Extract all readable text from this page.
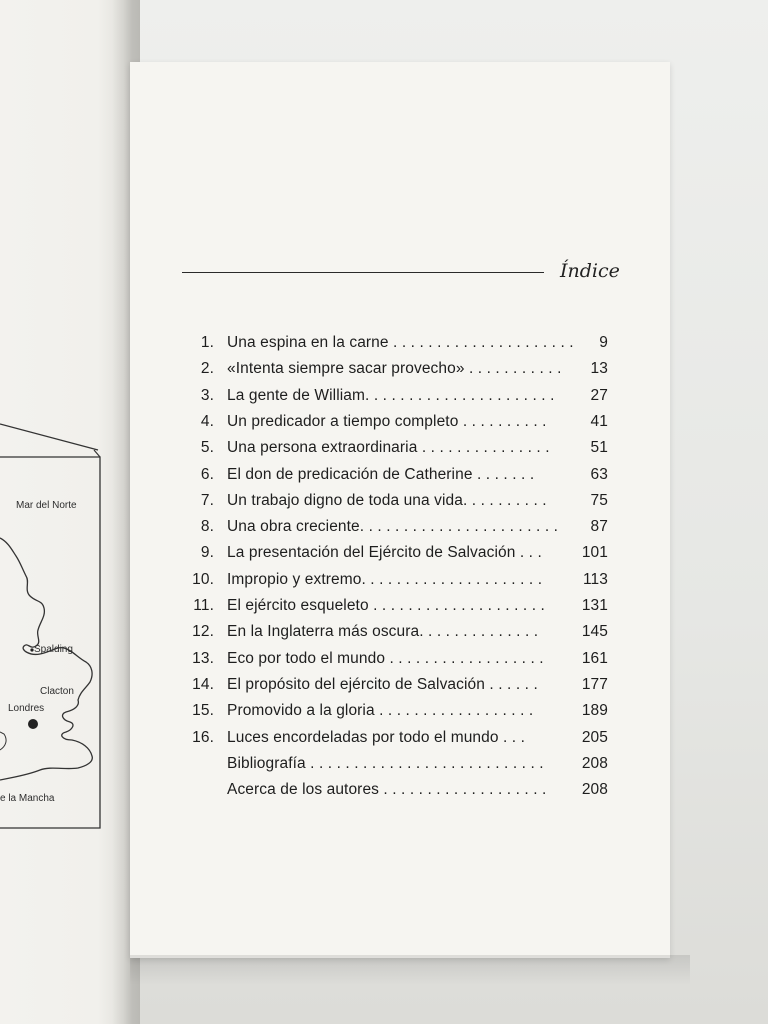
Mar del Norte
Spalding
Clacton
Londres
e la Mancha
Índice
1. Una espina en la carne . . . . . . . . . . . . . . . . . . . . . 9
2. «Intenta siempre sacar provecho» . . . . . . . . . . . 13
3. La gente de William. . . . . . . . . . . . . . . . . . . . . . 27
4. Un predicador a tiempo completo . . . . . . . . . .	41
5. Una persona extraordinaria . . . . . . . . . . . . . . .	51
6. El don de predicación de Catherine . . . . . . .	63
7. Un trabajo digno de toda una vida. . . . . . . . . .	75
8. Una obra creciente. . . . . . . . . . . . . . . . . . . . . . . 87
9. La presentación del Ejército de Salvación . . .	101
10. Impropio y extremo. . . . . . . . . . . . . . . . . . . . .	113
11. El ejército esqueleto . . . . . . . . . . . . . . . . . . . . 131
12. En la Inglaterra más oscura. . . . . . . . . . . . . .	145
13. Eco por todo el mundo . . . . . . . . . . . . . . . . . . 161
14. El propósito del ejército de Salvación . . . . . .	177
15. Promovido a la gloria . . . . . . . . . . . . . . . . . .	189
16. Luces encordeladas por todo el mundo . . .	205
Bibliografía . . . . . . . . . . . . . . . . . . . . . . . . . . . 208
Acerca de los autores . . . . . . . . . . . . . . . . . . . 208
